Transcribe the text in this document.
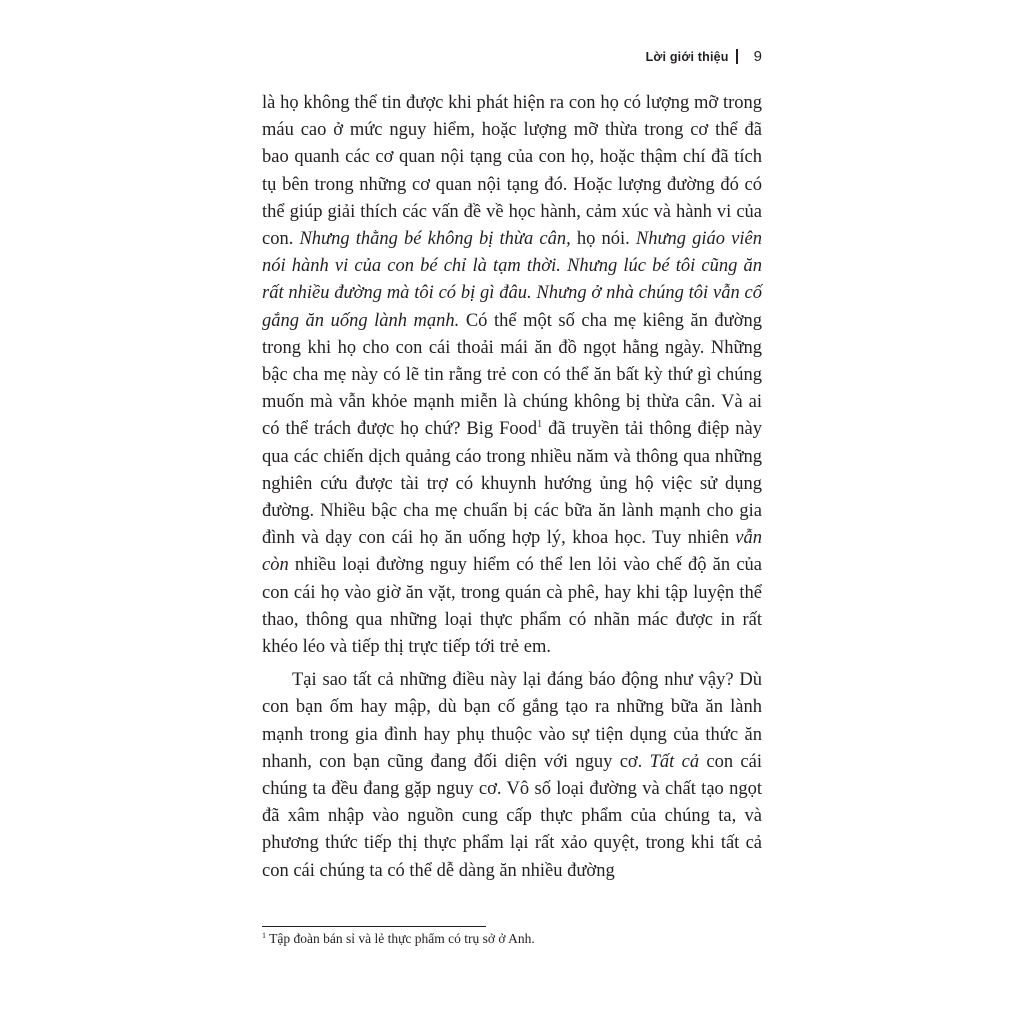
Lời giới thiệu 9

là họ không thể tin được khi phát hiện ra con họ có lượng mỡ trong máu cao ở mức nguy hiểm, hoặc lượng mỡ thừa trong cơ thể đã bao quanh các cơ quan nội tạng của con họ, hoặc thậm chí đã tích tụ bên trong những cơ quan nội tạng đó. Hoặc lượng đường đó có thể giúp giải thích các vấn đề về học hành, cảm xúc và hành vi của con. Nhưng thằng bé không bị thừa cân, họ nói. Nhưng giáo viên nói hành vi của con bé chỉ là tạm thời. Nhưng lúc bé tôi cũng ăn rất nhiều đường mà tôi có bị gì đâu. Nhưng ở nhà chúng tôi vẫn cố gắng ăn uống lành mạnh. Có thể một số cha mẹ kiêng ăn đường trong khi họ cho con cái thoải mái ăn đồ ngọt hằng ngày. Những bậc cha mẹ này có lẽ tin rằng trẻ con có thể ăn bất kỳ thứ gì chúng muốn mà vẫn khỏe mạnh miễn là chúng không bị thừa cân. Và ai có thể trách được họ chứ? Big Food$^1$ đã truyền tải thông điệp này qua các chiến dịch quảng cáo trong nhiều năm và thông qua những nghiên cứu được tài trợ có khuynh hướng ủng hộ việc sử dụng đường. Nhiều bậc cha mẹ chuẩn bị các bữa ăn lành mạnh cho gia đình và dạy con cái họ ăn uống hợp lý, khoa học. Tuy nhiên vẫn còn nhiều loại đường nguy hiểm có thể len lỏi vào chế độ ăn của con cái họ vào giờ ăn vặt, trong quán cà phê, hay khi tập luyện thể thao, thông qua những loại thực phẩm có nhãn mác được in rất khéo léo và tiếp thị trực tiếp tới trẻ em.

Tại sao tất cả những điều này lại đáng báo động như vậy? Dù con bạn ốm hay mập, dù bạn cố gắng tạo ra những bữa ăn lành mạnh trong gia đình hay phụ thuộc vào sự tiện dụng của thức ăn nhanh, con bạn cũng đang đối diện với nguy cơ. Tất cả con cái chúng ta đều đang gặp nguy cơ. Vô số loại đường và chất tạo ngọt đã xâm nhập vào nguồn cung cấp thực phẩm của chúng ta, và phương thức tiếp thị thực phẩm lại rất xảo quyệt, trong khi tất cả con cái chúng ta có thể dễ dàng ăn nhiều đường

$^1$ Tập đoàn bán sỉ và lẻ thực phẩm có trụ sở ở Anh.
